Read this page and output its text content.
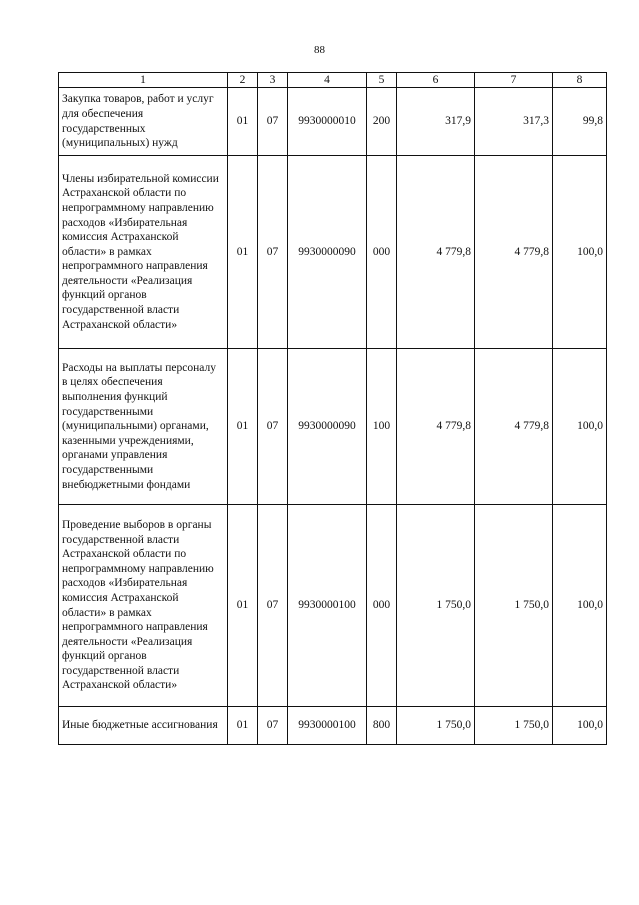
88
1	2	3	4	5	6	7	8
Закупка товаров, работ и услуг для обеспечения государственных (муниципальных) нужд	01	07	9930000010	200	317,9	317,3	99,8
Члены избирательной комиссии Астраханской области по непрограммному направлению расходов «Избирательная комиссия Астраханской области» в рамках непрограммного направления деятельности «Реализация функций органов государственной власти Астраханской области»	01	07	9930000090	000	4 779,8	4 779,8	100,0
Расходы на выплаты персоналу в целях обеспечения выполнения функций государственными (муниципальными) органами, казенными учреждениями, органами управления государственными внебюджетными фондами	01	07	9930000090	100	4 779,8	4 779,8	100,0
Проведение выборов в органы государственной власти Астраханской области по непрограммному направлению расходов «Избирательная комиссия Астраханской области» в рамках непрограммного направления деятельности «Реализация функций органов государственной власти Астраханской области»	01	07	9930000100	000	1 750,0	1 750,0	100,0
Иные бюджетные ассигнования	01	07	9930000100	800	1 750,0	1 750,0	100,0
